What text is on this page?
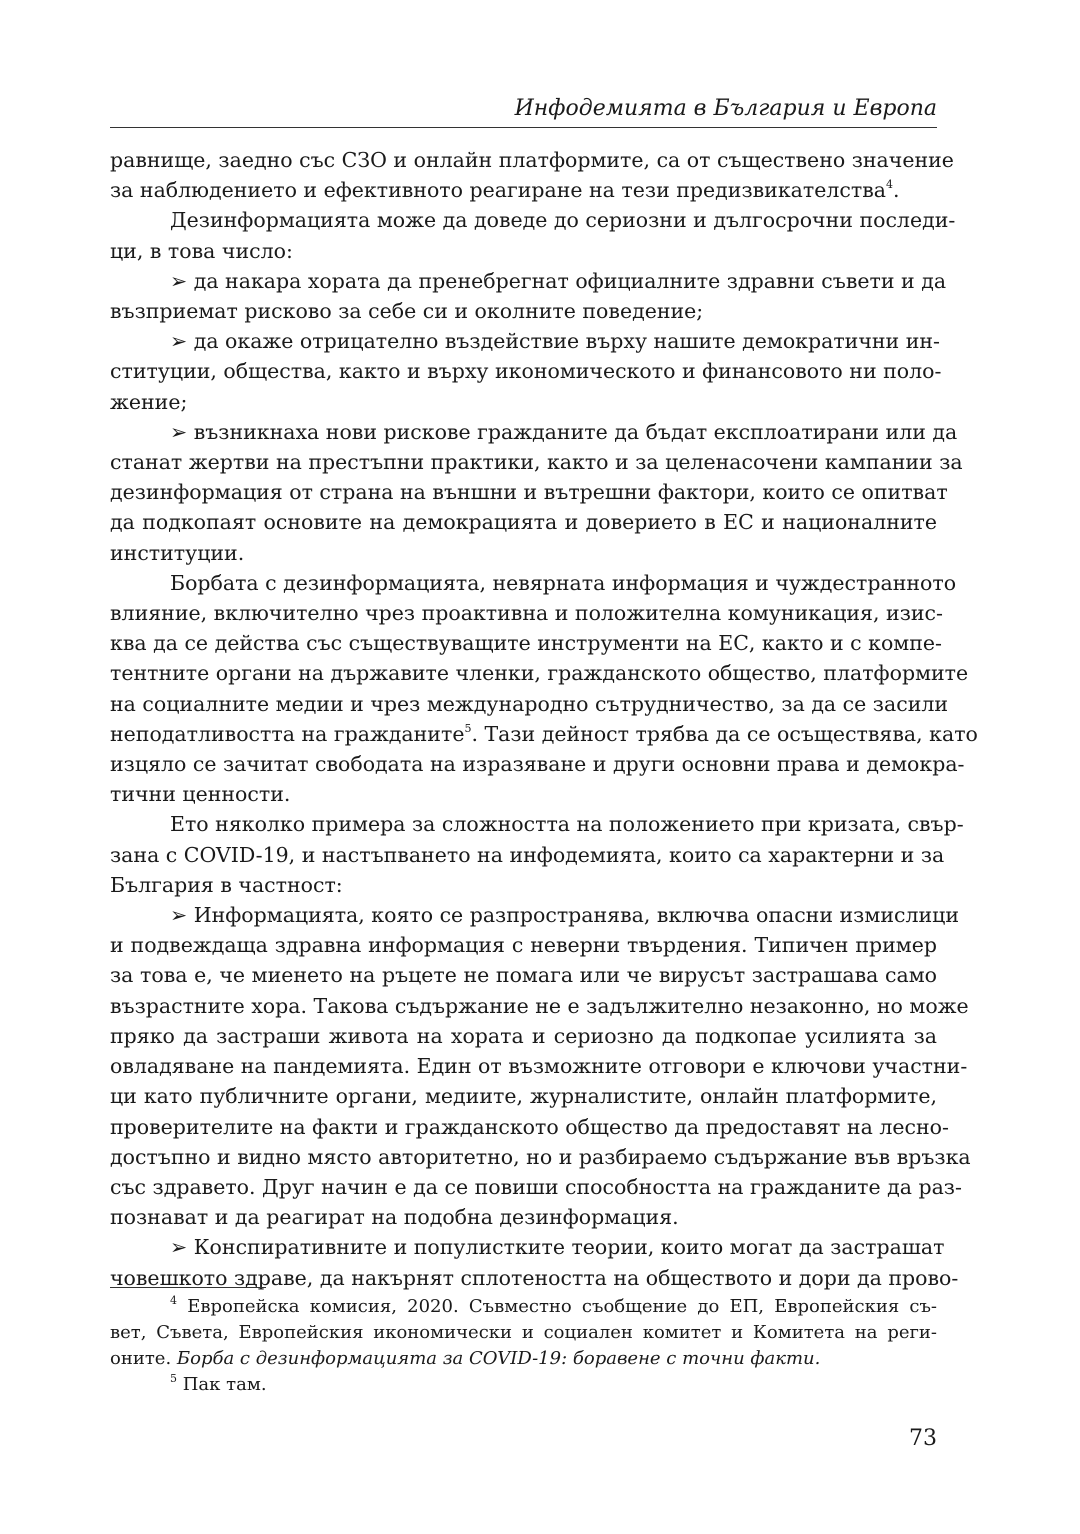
Инфодемията в България и Европа
равнище, заедно със СЗО и онлайн платформите, са от съществено значение
за наблюдението и ефективното реагиране на тези предизвикателства$^4$.
Дезинформацията може да доведе до сериозни и дългосрочни последи-
ци, в това число:
➢ да накара хората да пренебрегнат официалните здравни съвети и да
възприемат рисково за себе си и околните поведение;
➢ да окаже отрицателно въздействие върху нашите демократични ин-
ституции, общества, както и върху икономическото и финансовото ни поло-
жение;
➢ възникнаха нови рискове гражданите да бъдат експлоатирани или да
станат жертви на престъпни практики, както и за целенасочени кампании за
дезинформация от страна на външни и вътрешни фактори, които се опитват
да подкопаят основите на демокрацията и доверието в ЕС и националните
институции.
Борбата с дезинформацията, невярната информация и чуждестранното
влияние, включително чрез проактивна и положителна комуникация, изис-
ква да се действа със съществуващите инструменти на ЕС, както и с компе-
тентните органи на държавите членки, гражданското общество, платформите
на социалните медии и чрез международно сътрудничество, за да се засили
неподатливостта на гражданите$^5$. Тази дейност трябва да се осъществява, като
изцяло се зачитат свободата на изразяване и други основни права и демокра-
тични ценности.
Ето няколко примера за сложността на положението при кризата, свър-
зана с COVID-19, и настъпването на инфодемията, които са характерни и за
България в частност:
➢ Информацията, която се разпространява, включва опасни измислици
и подвеждаща здравна информация с неверни твърдения. Типичен пример
за това е, че миенето на ръцете не помага или че вирусът застрашава само
възрастните хора. Такова съдържание не е задължително незаконно, но може
пряко да застраши живота на хората и сериозно да подкопае усилията за
овладяване на пандемията. Един от възможните отговори е ключови участни-
ци като публичните органи, медиите, журналистите, онлайн платформите,
проверителите на факти и гражданското общество да предоставят на лесно-
достъпно и видно място авторитетно, но и разбираемо съдържание във връзка
със здравето. Друг начин е да се повиши способността на гражданите да раз-
познават и да реагират на подобна дезинформация.
➢ Конспиративните и популистките теории, които могат да застрашат
човешкото здраве, да накърнят сплотеността на обществото и дори да прово-
$^4$ Европейска комисия, 2020. Съвместно съобщение до ЕП, Европейския съ-
вет, Съвета, Европейския икономически и социален комитет и Комитета на реги-
оните. Борба с дезинформацията за COVID-19: боравене с точни факти.
$^5$ Пак там.
73
